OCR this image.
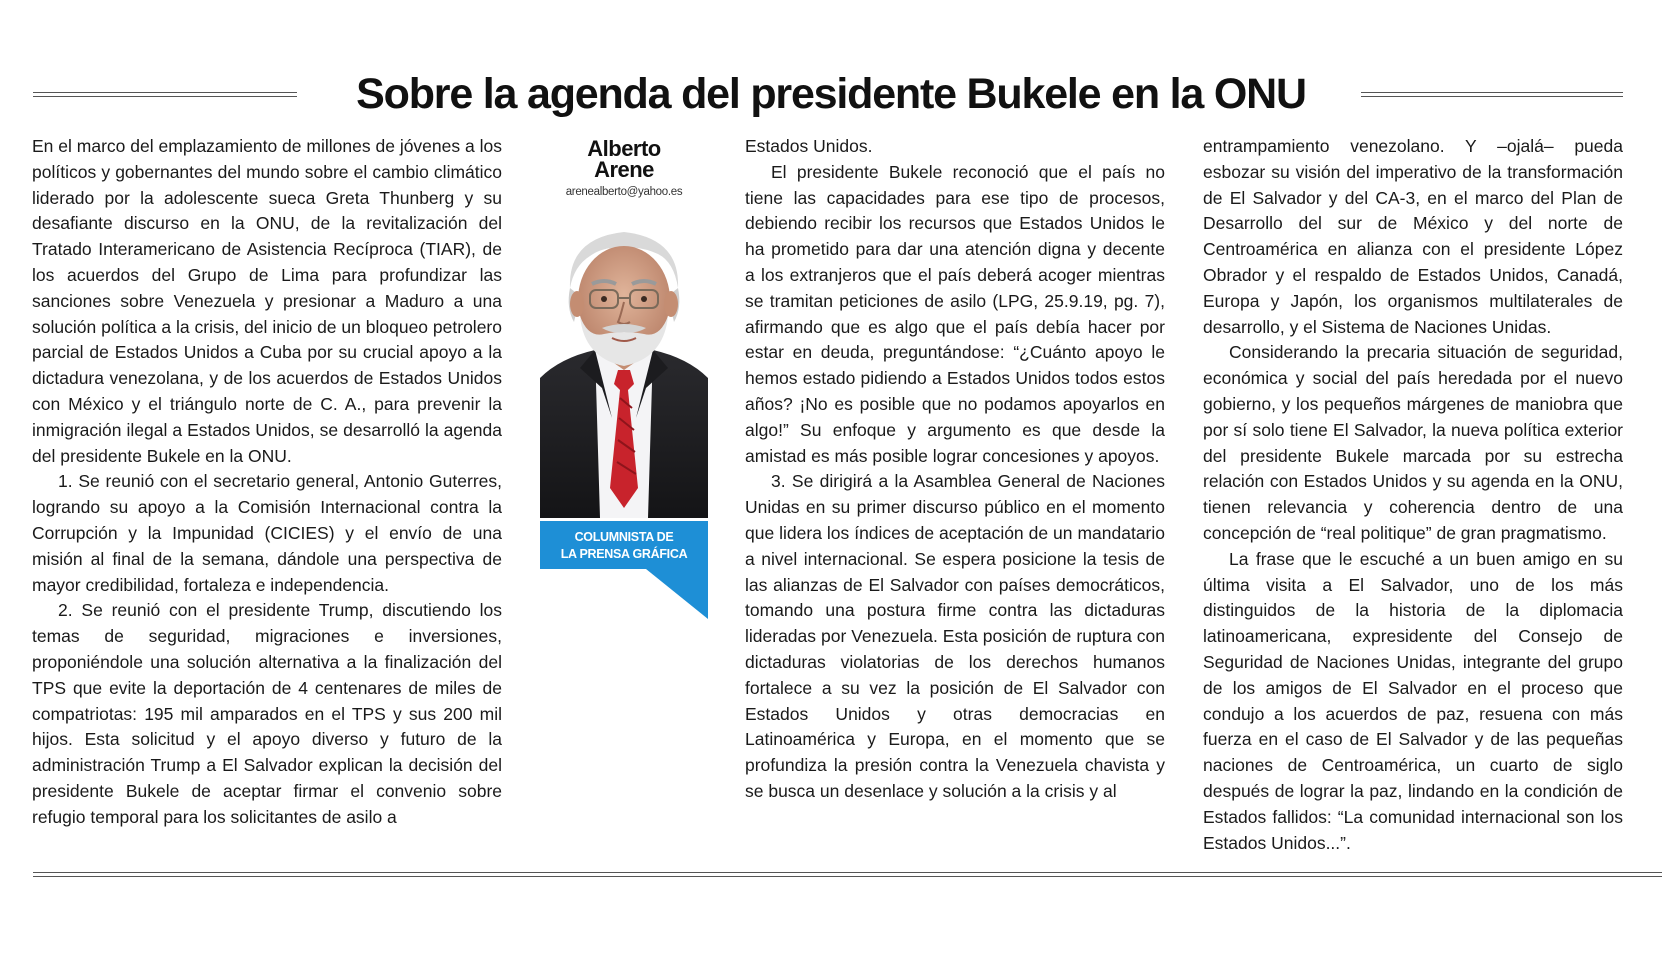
Sobre la agenda del presidente Bukele en la ONU

En el marco del emplazamiento de millones de jóvenes a los políticos y gobernantes del mundo sobre el cambio climático liderado por la adolescente sueca Greta Thunberg y su desafiante discurso en la ONU, de la revitalización del Tratado Interamericano de Asistencia Recíproca (TIAR), de los acuerdos del Grupo de Lima para profundizar las sanciones sobre Venezuela y presionar a Maduro a una solución política a la crisis, del inicio de un bloqueo petrolero parcial de Estados Unidos a Cuba por su crucial apoyo a la dictadura venezolana, y de los acuerdos de Estados Unidos con México y el triángulo norte de C. A., para prevenir la inmigración ilegal a Estados Unidos, se desarrolló la agenda del presidente Bukele en la ONU.

1. Se reunió con el secretario general, Antonio Guterres, logrando su apoyo a la Comisión Internacional contra la Corrupción y la Impunidad (CICIES) y el envío de una misión al final de la semana, dándole una perspectiva de mayor credibilidad, fortaleza e independencia.

2. Se reunió con el presidente Trump, discutiendo los temas de seguridad, migraciones e inversiones, proponiéndole una solución alternativa a la finalización del TPS que evite la deportación de 4 centenares de miles de compatriotas: 195 mil amparados en el TPS y sus 200 mil hijos. Esta solicitud y el apoyo diverso y futuro de la administración Trump a El Salvador explican la decisión del presidente Bukele de aceptar firmar el convenio sobre refugio temporal para los solicitantes de asilo a

Alberto

Arene

arenealberto@yahoo.es

COLUMNISTA DE
LA PRENSA GRÁFICA

Estados Unidos.

El presidente Bukele reconoció que el país no tiene las capacidades para ese tipo de procesos, debiendo recibir los recursos que Estados Unidos le ha prometido para dar una atención digna y decente a los extranjeros que el país deberá acoger mientras se tramitan peticiones de asilo (LPG, 25.9.19, pg. 7), afirmando que es algo que el país debía hacer por estar en deuda, preguntándose: “¿Cuánto apoyo le hemos estado pidiendo a Estados Unidos todos estos años? ¡No es posible que no podamos apoyarlos en algo!” Su enfoque y argumento es que desde la amistad es más posible lograr concesiones y apoyos.

3. Se dirigirá a la Asamblea General de Naciones Unidas en su primer discurso público en el momento que lidera los índices de aceptación de un mandatario a nivel internacional. Se espera posicione la tesis de las alianzas de El Salvador con países democráticos, tomando una postura firme contra las dictaduras lideradas por Venezuela. Esta posición de ruptura con dictaduras violatorias de los derechos humanos fortalece a su vez la posición de El Salvador con Estados Unidos y otras democracias en Latinoamérica y Europa, en el momento que se profundiza la presión contra la Venezuela chavista y se busca un desenlace y solución a la crisis y al

entrampamiento venezolano. Y –ojalá– pueda esbozar su visión del imperativo de la transformación de El Salvador y del CA-3, en el marco del Plan de Desarrollo del sur de México y del norte de Centroamérica en alianza con el presidente López Obrador y el respaldo de Estados Unidos, Canadá, Europa y Japón, los organismos multilaterales de desarrollo, y el Sistema de Naciones Unidas.

Considerando la precaria situación de seguridad, económica y social del país heredada por el nuevo gobierno, y los pequeños márgenes de maniobra que por sí solo tiene El Salvador, la nueva política exterior del presidente Bukele marcada por su estrecha relación con Estados Unidos y su agenda en la ONU, tienen relevancia y coherencia dentro de una concepción de “real politique” de gran pragmatismo.

La frase que le escuché a un buen amigo en su última visita a El Salvador, uno de los más distinguidos de la historia de la diplomacia latinoamericana, expresidente del Consejo de Seguridad de Naciones Unidas, integrante del grupo de los amigos de El Salvador en el proceso que condujo a los acuerdos de paz, resuena con más fuerza en el caso de El Salvador y de las pequeñas naciones de Centroamérica, un cuarto de siglo después de lograr la paz, lindando en la condición de Estados fallidos: “La comunidad internacional son los Estados Unidos...”.
